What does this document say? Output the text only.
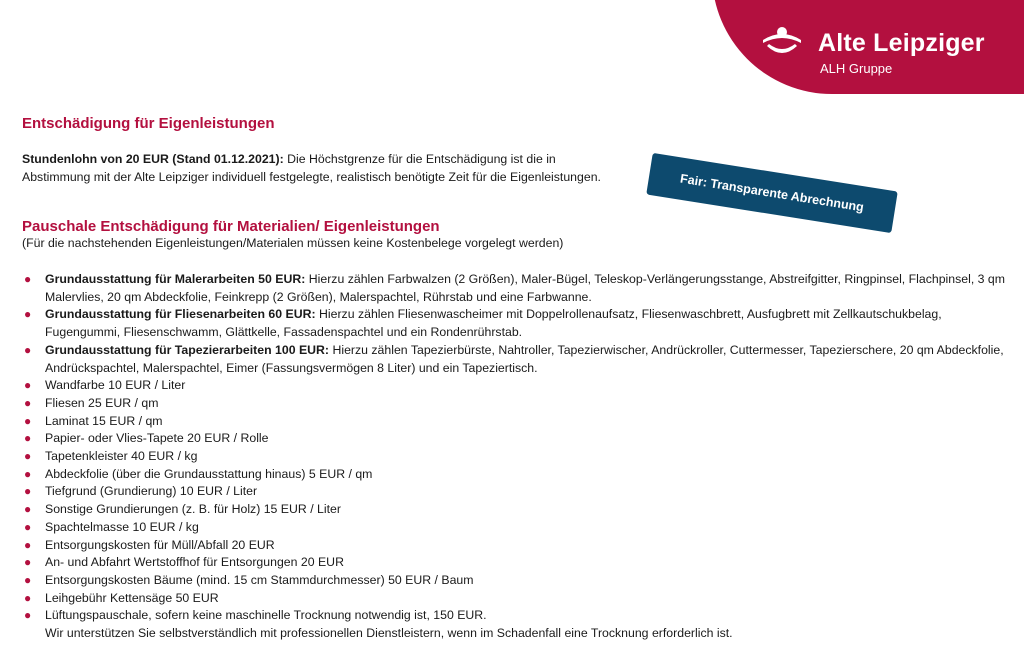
Alte Leipziger
ALH Gruppe
Entschädigung für Eigenleistungen
Stundenlohn von 20 EUR (Stand 01.12.2021): Die Höchstgrenze für die Entschädigung ist die in Abstimmung mit der Alte Leipziger individuell festgelegte, realistisch benötigte Zeit für die Eigenleistungen.	Fair: Transparente Abrechnung
Pauschale Entschädigung für Materialien/ Eigenleistungen
(Für die nachstehenden Eigenleistungen/Materialen müssen keine Kostenbelege vorgelegt werden)
● Grundausstattung für Malerarbeiten 50 EUR: Hierzu zählen Farbwalzen (2 Größen), Maler-Bügel, Teleskop-Verlängerungsstange, Abstreifgitter, Ringpinsel, Flachpinsel, 3 qm Malervlies, 20 qm Abdeckfolie, Feinkrepp (2 Größen), Malerspachtel, Rührstab und eine Farbwanne.
● Grundausstattung für Fliesenarbeiten 60 EUR: Hierzu zählen Fliesenwascheimer mit Doppelrollenaufsatz, Fliesenwaschbrett, Ausfugbrett mit Zellkautschukbelag, Fugengummi, Fliesenschwamm, Glättkelle, Fassadenspachtel und ein Rondenrührstab.
● Grundausstattung für Tapezierarbeiten 100 EUR: Hierzu zählen Tapezierbürste, Nahtroller, Tapezierwischer, Andrückroller, Cuttermesser, Tapezierschere, 20 qm Abdeckfolie, Andrückspachtel, Malerspachtel, Eimer (Fassungsvermögen 8 Liter) und ein Tapeziertisch.
● Wandfarbe 10 EUR / Liter
● Fliesen 25 EUR / qm
● Laminat 15 EUR / qm
● Papier- oder Vlies-Tapete 20 EUR / Rolle
● Tapetenkleister 40 EUR / kg
● Abdeckfolie (über die Grundausstattung hinaus) 5 EUR / qm
● Tiefgrund (Grundierung) 10 EUR / Liter
● Sonstige Grundierungen (z. B. für Holz) 15 EUR / Liter
● Spachtelmasse 10 EUR / kg
● Entsorgungskosten für Müll/Abfall 20 EUR
● An- und Abfahrt Wertstoffhof für Entsorgungen 20 EUR
● Entsorgungskosten Bäume (mind. 15 cm Stammdurchmesser) 50 EUR / Baum
● Leihgebühr Kettensäge 50 EUR
● Lüftungspauschale, sofern keine maschinelle Trocknung notwendig ist, 150 EUR.
Wir unterstützen Sie selbstverständlich mit professionellen Dienstleistern, wenn im Schadenfall eine Trocknung erforderlich ist.
